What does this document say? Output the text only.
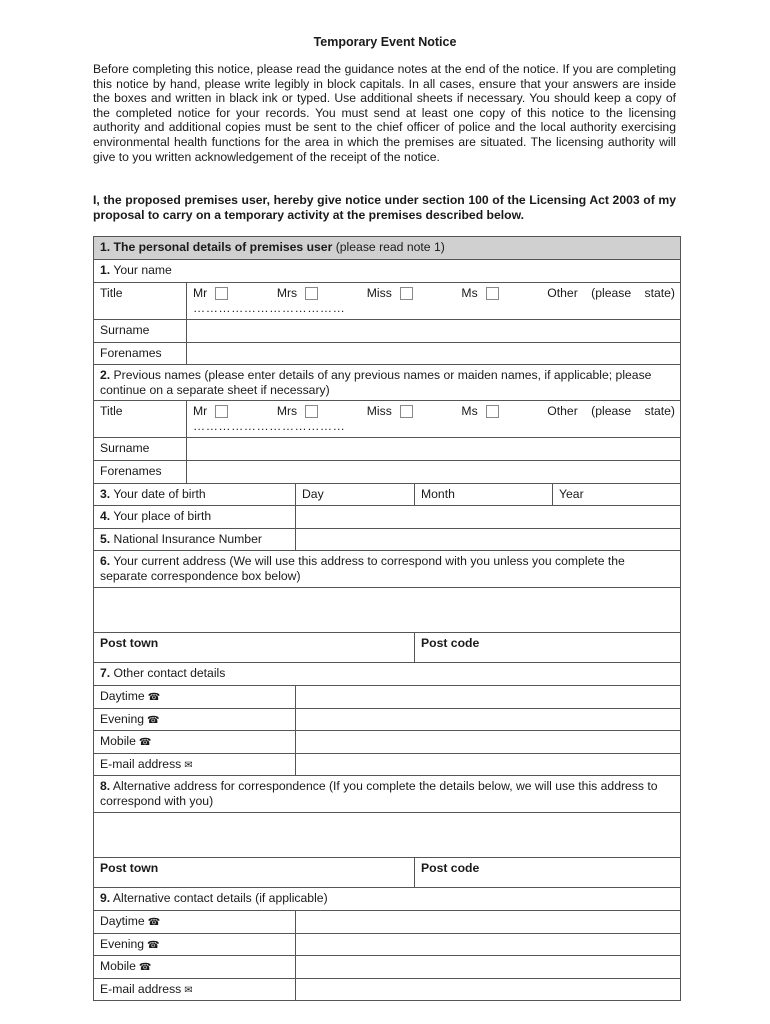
Temporary Event Notice
Before completing this notice, please read the guidance notes at the end of the notice. If you are completing this notice by hand, please write legibly in block capitals. In all cases, ensure that your answers are inside the boxes and written in black ink or typed. Use additional sheets if necessary. You should keep a copy of the completed notice for your records. You must send at least one copy of this notice to the licensing authority and additional copies must be sent to the chief officer of police and the local authority exercising environmental health functions for the area in which the premises are situated. The licensing authority will give to you written acknowledgement of the receipt of the notice.
I, the proposed premises user, hereby give notice under section 100 of the Licensing Act 2003 of my proposal to carry on a temporary activity at the premises described below.
1. The personal details of premises user (please read note 1)
1. Your name
Title	Mr	Mrs	Miss	Ms	Other (please state)
………………………………
Surname
Forenames
2. Previous names (please enter details of any previous names or maiden names, if applicable; please continue on a separate sheet if necessary)
Title	Mr	Mrs	Miss	Ms	Other (please state)
………………………………
Surname
Forenames
3. Your date of birth	Day	Month	Year
4. Your place of birth
5. National Insurance Number
6. Your current address (We will use this address to correspond with you unless you complete the separate correspondence box below)
Post town	Post code
7. Other contact details
Daytime ☎
Evening ☎
Mobile ☎
E-mail address ✉
8. Alternative address for correspondence (If you complete the details below, we will use this address to correspond with you)
Post town	Post code
9. Alternative contact details (if applicable)
Daytime ☎
Evening ☎
Mobile ☎
E-mail address ✉
